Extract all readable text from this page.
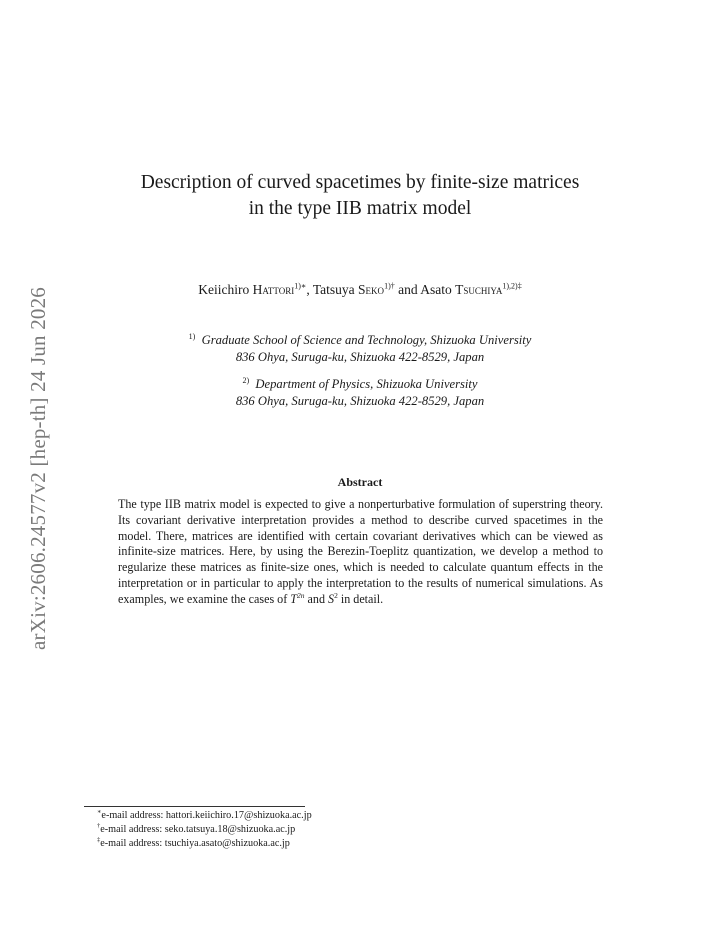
arXiv:2606.24577v2 [hep-th] 24 Jun 2026
Description of curved spacetimes by finite-size matrices
in the type IIB matrix model
Keiichiro Hattori$^{1)∗}$, Tatsuya Seko$^{1)\dagger}$ and Asato Tsuchiya$^{1),2)\ddagger}$
$^{1)}$ Graduate School of Science and Technology, Shizuoka University
836 Ohya, Suruga-ku, Shizuoka 422-8529, Japan
$^{2)}$ Department of Physics, Shizuoka University
836 Ohya, Suruga-ku, Shizuoka 422-8529, Japan
Abstract
The type IIB matrix model is expected to give a nonperturbative formulation of superstring theory. Its covariant derivative interpretation provides a method to describe curved spacetimes in the model. There, matrices are identified with certain covariant derivatives which can be viewed as infinite-size matrices. Here, by using the Berezin-Toeplitz quantization, we develop a method to regularize these matrices as finite-size ones, which is needed to calculate quantum effects in the interpretation or in particular to apply the interpretation to the results of numerical simulations. As examples, we examine the cases of $T^{2n}$ and $S^2$ in detail.
∗e-mail address: hattori.keiichiro.17@shizuoka.ac.jp
†e-mail address: seko.tatsuya.18@shizuoka.ac.jp
‡e-mail address: tsuchiya.asato@shizuoka.ac.jp
